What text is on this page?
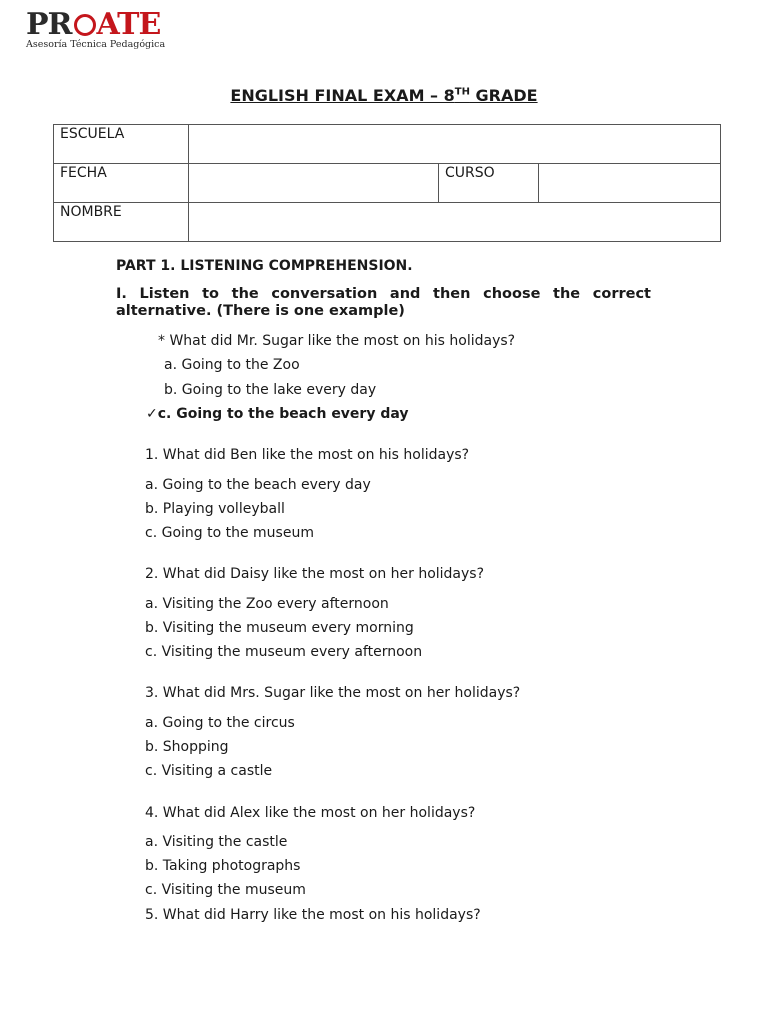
PR ATE
Asesoría Técnica Pedagógica
ENGLISH FINAL EXAM – 8TH GRADE
ESCUELA			
FECHA		CURSO	
NOMBRE			
PART 1. LISTENING COMPREHENSION.
I. Listen to the conversation and then choose the correct alternative. (There is one example)
* What did Mr. Sugar like the most on his holidays?
a. Going to the Zoo
b. Going to the lake every day
✓c. Going to the beach every day
1. What did Ben like the most on his holidays?
a. Going to the beach every day
b. Playing volleyball
c. Going to the museum
2. What did Daisy like the most on her holidays?
a. Visiting the Zoo every afternoon
b. Visiting the museum every morning
c. Visiting the museum every afternoon
3. What did Mrs. Sugar like the most on her holidays?
a. Going to the circus
b. Shopping
c. Visiting a castle
4. What did Alex like the most on her holidays?
a. Visiting the castle
b. Taking photographs
c. Visiting the museum
5. What did Harry like the most on his holidays?
